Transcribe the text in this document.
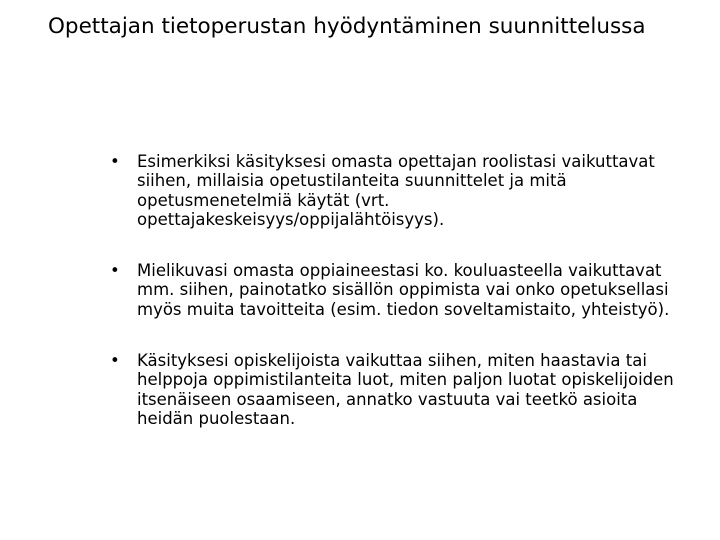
Opettajan tietoperustan hyödyntäminen suunnittelussa
• Esimerkiksi käsityksesi omasta opettajan roolistasi vaikuttavat siihen, millaisia opetustilanteita suunnittelet ja mitä opetusmenetelmiä käytät (vrt. opettajakeskeisyys/oppijalähtöisyys).
• Mielikuvasi omasta oppiaineestasi ko. kouluasteella vaikuttavat mm. siihen, painotatko sisällön oppimista vai onko opetuksellasi myös muita tavoitteita (esim. tiedon soveltamistaito, yhteistyö).
• Käsityksesi opiskelijoista vaikuttaa siihen, miten haastavia tai helppoja oppimistilanteita luot, miten paljon luotat opiskelijoiden itsenäiseen osaamiseen, annatko vastuuta vai teetkö asioita heidän puolestaan.
